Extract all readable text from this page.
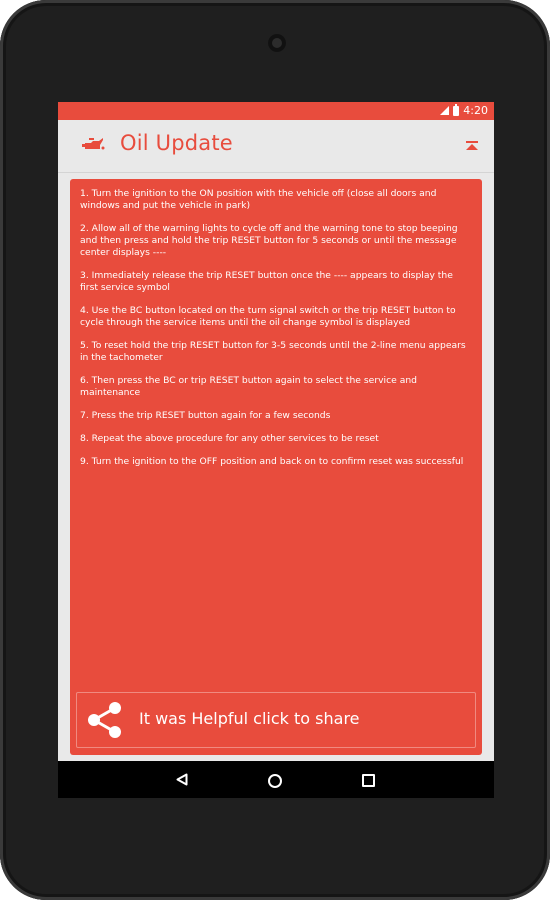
4:20
Oil Update
1. Turn the ignition to the ON position with the vehicle off (close all doors and windows and put the vehicle in park)
2. Allow all of the warning lights to cycle off and the warning tone to stop beeping and then press and hold the trip RESET button for 5 seconds or until the message center displays ----
3. Immediately release the trip RESET button once the ---- appears to display the first service symbol
4. Use the BC button located on the turn signal switch or the trip RESET button to cycle through the service items until the oil change symbol is displayed
5. To reset hold the trip RESET button for 3-5 seconds until the 2-line menu appears in the tachometer
6. Then press the BC or trip RESET button again to select the service and maintenance
7. Press the trip RESET button again for a few seconds
8. Repeat the above procedure for any other services to be reset
9. Turn the ignition to the OFF position and back on to confirm reset was successful
It was Helpful click to share
